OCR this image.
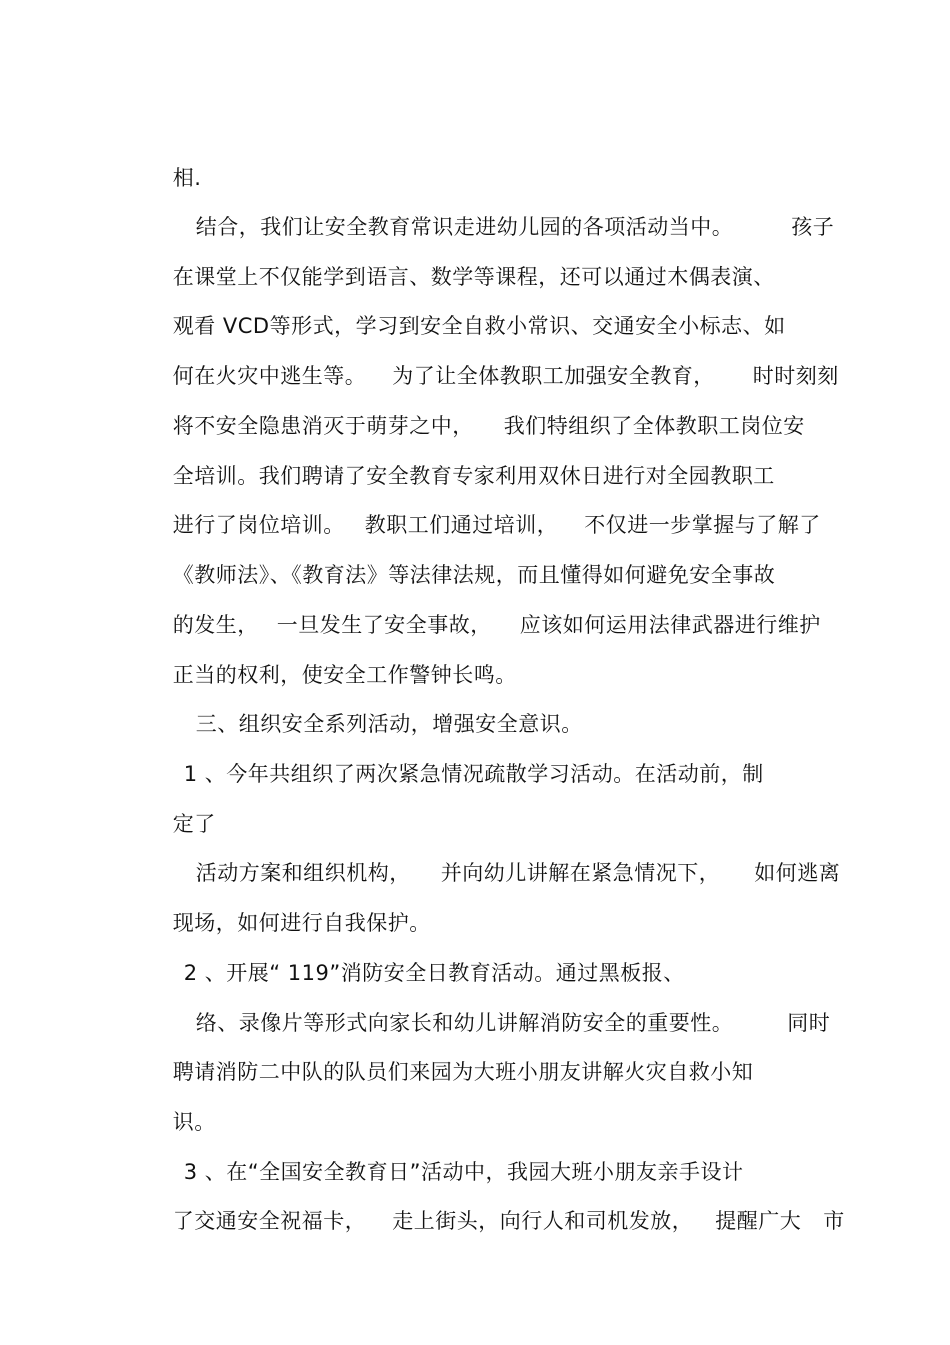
相.

结合，我们让安全教育常识走进幼儿园的各项活动当中。	孩子

在课堂上不仅能学到语言、数学等课程，还可以通过木偶表演、

观看 VCD等形式，学习到安全自救小常识、交通安全小标志、如

何在火灾中逃生等。 为了让全体教职工加强安全教育， 时时刻刻

将不安全隐患消灭于萌芽之中， 我们特组织了全体教职工岗位安

全培训。我们聘请了安全教育专家利用双休日进行对全园教职工

进行了岗位培训。 教职工们通过培训， 不仅进一步掌握与了解了

《教师法》、《教育法》等法律法规，而且懂得如何避免安全事故

的发生， 一旦发生了安全事故， 应该如何运用法律武器进行维护

正当的权利，使安全工作警钟长鸣。

三、组织安全系列活动，增强安全意识。

1 、今年共组织了两次紧急情况疏散学习活动。在活动前，制

定了

活动方案和组织机构， 并向幼儿讲解在紧急情况下， 如何逃离

现场，如何进行自我保护。

2 、开展“ 119”消防安全日教育活动。通过黑板报、

络、录像片等形式向家长和幼儿讲解消防安全的重要性。	同时

聘请消防二中队的队员们来园为大班小朋友讲解火灾自救小知

识。

3 、在“全国安全教育日”活动中，我园大班小朋友亲手设计

了交通安全祝福卡， 走上街头，向行人和司机发放， 提醒广大 市
